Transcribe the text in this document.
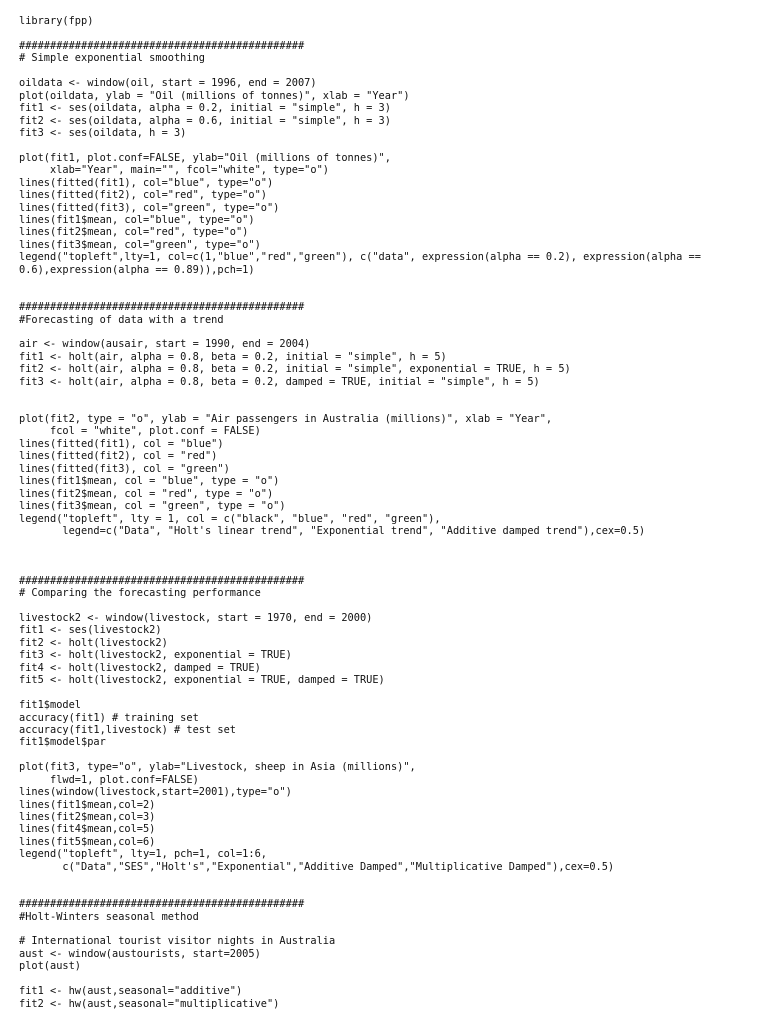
library(fpp)
##############################################
# Simple exponential smoothing
oildata <- window(oil, start = 1996, end = 2007)
plot(oildata, ylab = "Oil (millions of tonnes)", xlab = "Year")
fit1 <- ses(oildata, alpha = 0.2, initial = "simple", h = 3)
fit2 <- ses(oildata, alpha = 0.6, initial = "simple", h = 3)
fit3 <- ses(oildata, h = 3)
plot(fit1, plot.conf=FALSE, ylab="Oil (millions of tonnes)",
xlab="Year", main="", fcol="white", type="o")
lines(fitted(fit1), col="blue", type="o")
lines(fitted(fit2), col="red", type="o")
lines(fitted(fit3), col="green", type="o")
lines(fit1$mean, col="blue", type="o")
lines(fit2$mean, col="red", type="o")
lines(fit3$mean, col="green", type="o")
legend("topleft",lty=1, col=c(1,"blue","red","green"), c("data", expression(alpha == 0.2), expression(alpha ==
0.6),expression(alpha == 0.89)),pch=1)
##############################################
#Forecasting of data with a trend
air <- window(ausair, start = 1990, end = 2004)
fit1 <- holt(air, alpha = 0.8, beta = 0.2, initial = "simple", h = 5)
fit2 <- holt(air, alpha = 0.8, beta = 0.2, initial = "simple", exponential = TRUE, h = 5)
fit3 <- holt(air, alpha = 0.8, beta = 0.2, damped = TRUE, initial = "simple", h = 5)
plot(fit2, type = "o", ylab = "Air passengers in Australia (millions)", xlab = "Year",
fcol = "white", plot.conf = FALSE)
lines(fitted(fit1), col = "blue")
lines(fitted(fit2), col = "red")
lines(fitted(fit3), col = "green")
lines(fit1$mean, col = "blue", type = "o")
lines(fit2$mean, col = "red", type = "o")
lines(fit3$mean, col = "green", type = "o")
legend("topleft", lty = 1, col = c("black", "blue", "red", "green"),
legend=c("Data", "Holt's linear trend", "Exponential trend", "Additive damped trend"),cex=0.5)
##############################################
# Comparing the forecasting performance
livestock2 <- window(livestock, start = 1970, end = 2000)
fit1 <- ses(livestock2)
fit2 <- holt(livestock2)
fit3 <- holt(livestock2, exponential = TRUE)
fit4 <- holt(livestock2, damped = TRUE)
fit5 <- holt(livestock2, exponential = TRUE, damped = TRUE)
fit1$model
accuracy(fit1) # training set
accuracy(fit1,livestock) # test set
fit1$model$par
plot(fit3, type="o", ylab="Livestock, sheep in Asia (millions)",
flwd=1, plot.conf=FALSE)
lines(window(livestock,start=2001),type="o")
lines(fit1$mean,col=2)
lines(fit2$mean,col=3)
lines(fit4$mean,col=5)
lines(fit5$mean,col=6)
legend("topleft", lty=1, pch=1, col=1:6,
c("Data","SES","Holt's","Exponential","Additive Damped","Multiplicative Damped"),cex=0.5)
##############################################
#Holt-Winters seasonal method
# International tourist visitor nights in Australia
aust <- window(austourists, start=2005)
plot(aust)
fit1 <- hw(aust,seasonal="additive")
fit2 <- hw(aust,seasonal="multiplicative")
